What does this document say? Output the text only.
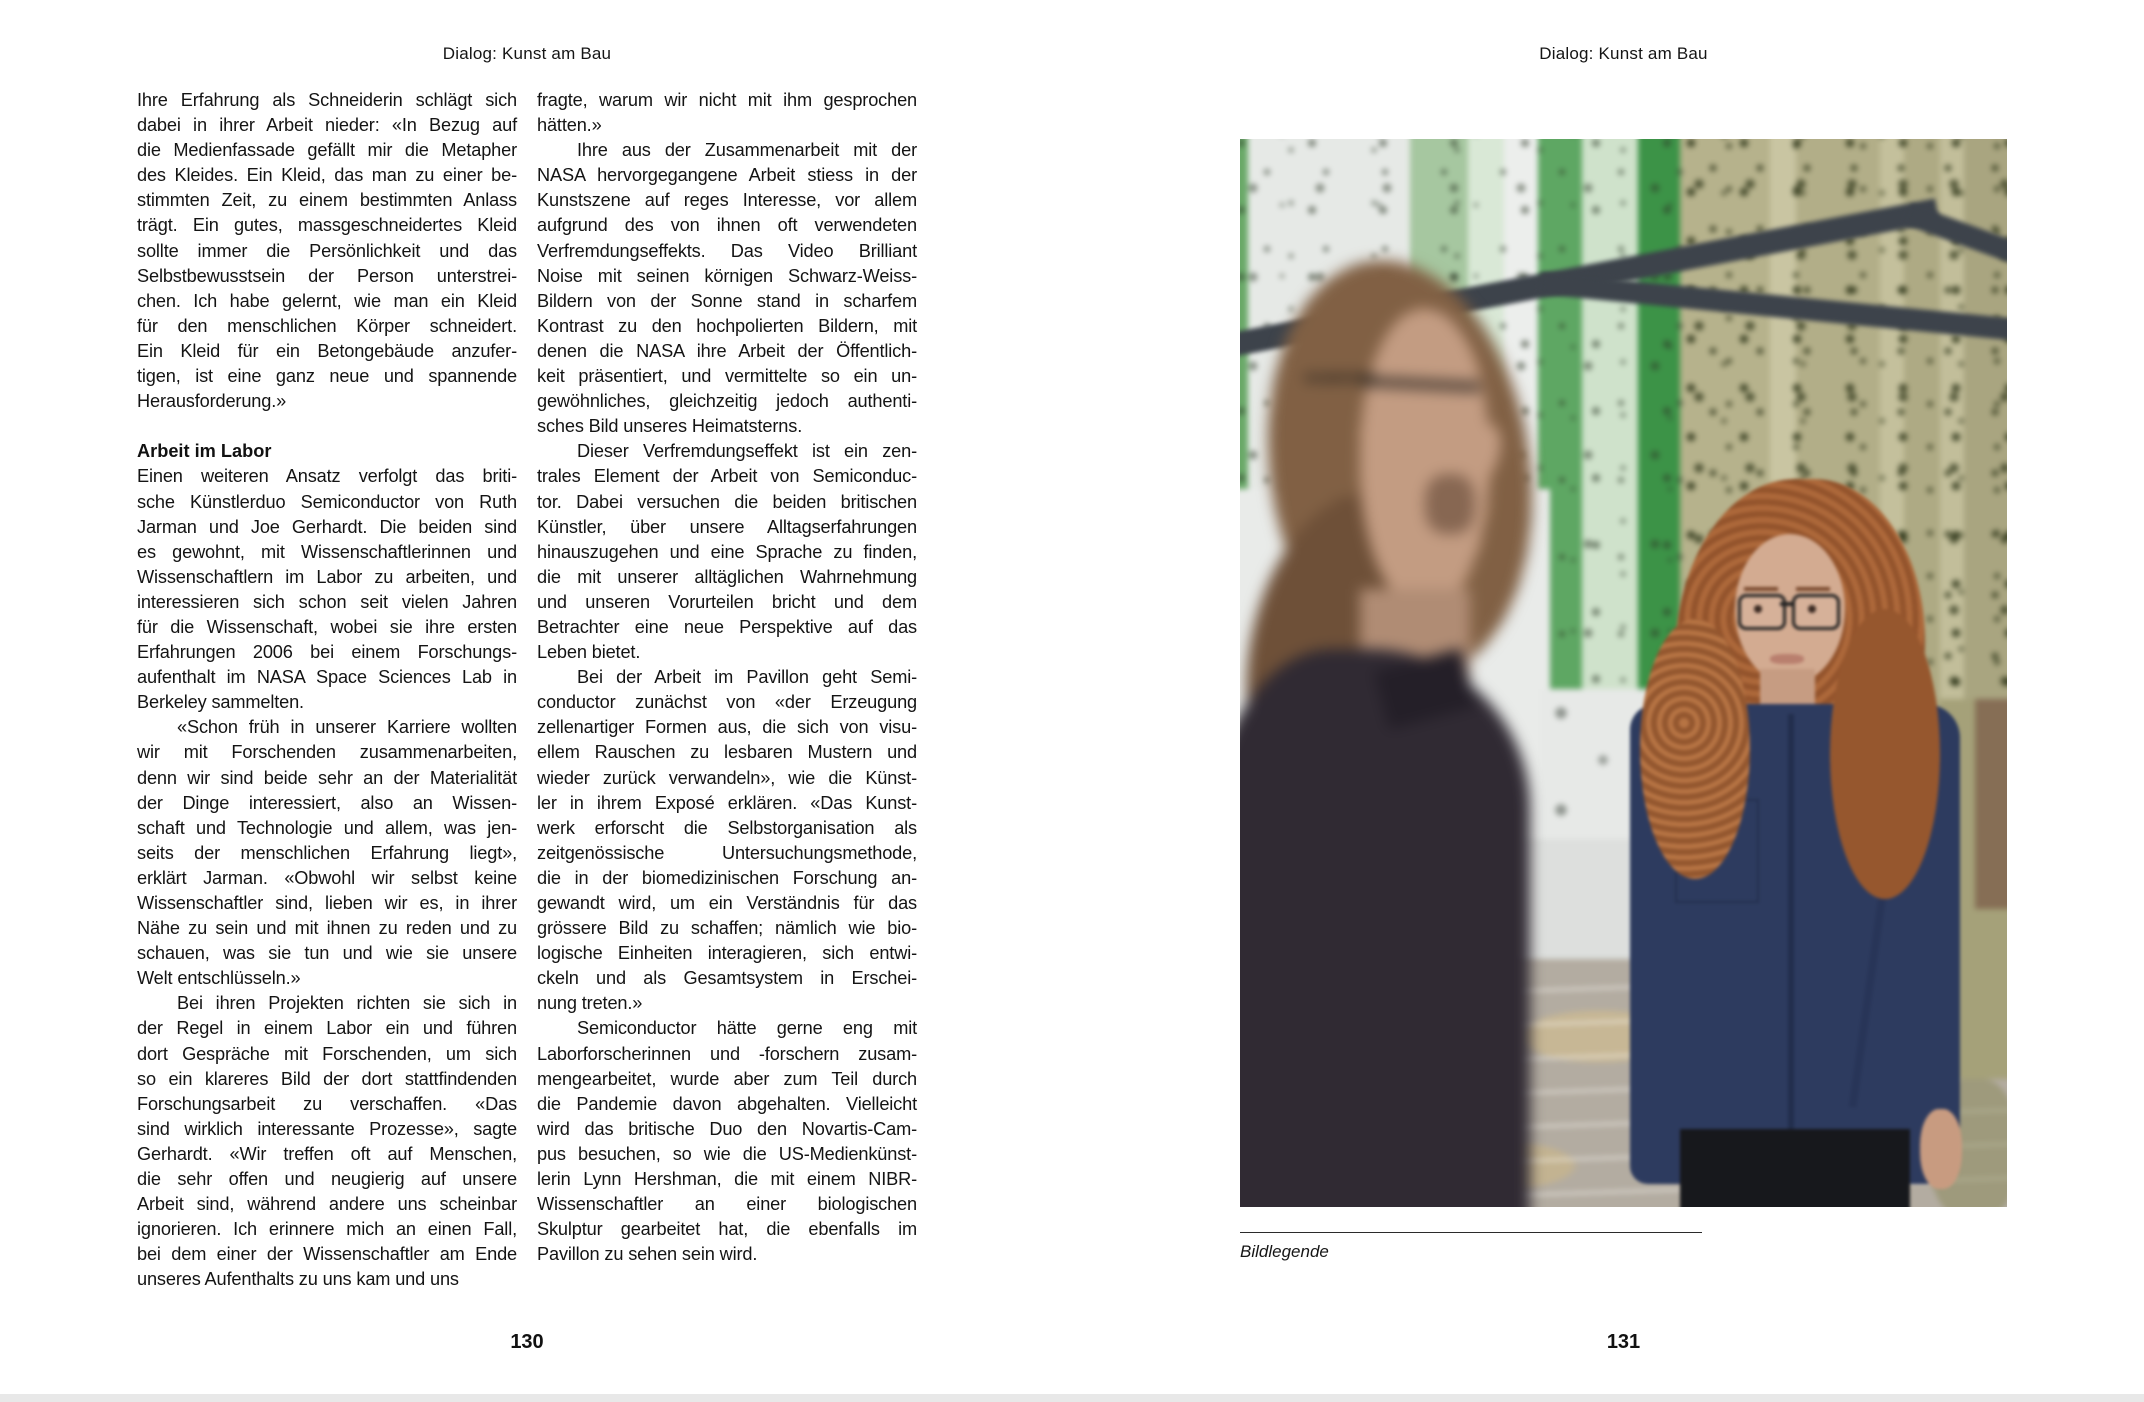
Dialog: Kunst am Bau	Dialog: Kunst am Bau
Ihre Erfahrung als Schneiderin schlägt sich
dabei in ihrer Arbeit nieder: «In Bezug auf
die Medienfassade gefällt mir die Metapher
des Kleides. Ein Kleid, das man zu einer be-
stimmten Zeit, zu einem bestimmten Anlass
trägt. Ein gutes, massgeschneidertes Kleid
sollte immer die Persönlichkeit und das
Selbstbewusstsein der Person unterstrei-
chen. Ich habe gelernt, wie man ein Kleid
für den menschlichen Körper schneidert.
Ein Kleid für ein Betongebäude anzufer-
tigen, ist eine ganz neue und spannende
Herausforderung.»
Arbeit im Labor
Einen weiteren Ansatz verfolgt das briti-
sche Künstlerduo Semiconductor von Ruth
Jarman und Joe Gerhardt. Die beiden sind
es gewohnt, mit Wissenschaftlerinnen und
Wissenschaftlern im Labor zu arbeiten, und
interessieren sich schon seit vielen Jahren
für die Wissenschaft, wobei sie ihre ersten
Erfahrungen 2006 bei einem Forschungs-
aufenthalt im NASA Space Sciences Lab in
Berkeley sammelten.
«Schon früh in unserer Karriere wollten
wir mit Forschenden zusammenarbeiten,
denn wir sind beide sehr an der Materialität
der Dinge interessiert, also an Wissen-
schaft und Technologie und allem, was jen-
seits der menschlichen Erfahrung liegt»,
erklärt Jarman. «Obwohl wir selbst keine
Wissenschaftler sind, lieben wir es, in ihrer
Nähe zu sein und mit ihnen zu reden und zu
schauen, was sie tun und wie sie unsere
Welt entschlüsseln.»
Bei ihren Projekten richten sie sich in
der Regel in einem Labor ein und führen
dort Gespräche mit Forschenden, um sich
so ein klareres Bild der dort stattfindenden
Forschungsarbeit zu verschaffen. «Das
sind wirklich interessante Prozesse», sagte
Gerhardt. «Wir treffen oft auf Menschen,
die sehr offen und neugierig auf unsere
Arbeit sind, während andere uns scheinbar
ignorieren. Ich erinnere mich an einen Fall,
bei dem einer der Wissenschaftler am Ende
unseres Aufenthalts zu uns kam und uns
fragte, warum wir nicht mit ihm gesprochen
hätten.»
Ihre aus der Zusammenarbeit mit der
NASA hervorgegangene Arbeit stiess in der
Kunstszene auf reges Interesse, vor allem
aufgrund des von ihnen oft verwendeten
Verfremdungseffekts. Das Video Brilliant
Noise mit seinen körnigen Schwarz-Weiss-
Bildern von der Sonne stand in scharfem
Kontrast zu den hochpolierten Bildern, mit
denen die NASA ihre Arbeit der Öffentlich-
keit präsentiert, und vermittelte so ein un-
gewöhnliches, gleichzeitig jedoch authenti-
sches Bild unseres Heimatsterns.
Dieser Verfremdungseffekt ist ein zen-
trales Element der Arbeit von Semiconduc-
tor. Dabei versuchen die beiden britischen
Künstler, über unsere Alltagserfahrungen
hinauszugehen und eine Sprache zu finden,
die mit unserer alltäglichen Wahrnehmung
und unseren Vorurteilen bricht und dem
Betrachter eine neue Perspektive auf das
Leben bietet.
Bei der Arbeit im Pavillon geht Semi-
conductor zunächst von «der Erzeugung
zellenartiger Formen aus, die sich von visu-
ellem Rauschen zu lesbaren Mustern und
wieder zurück verwandeln», wie die Künst-
ler in ihrem Exposé erklären. «Das Kunst-
werk erforscht die Selbstorganisation als
zeitgenössische Untersuchungsmethode,
die in der biomedizinischen Forschung an-
gewandt wird, um ein Verständnis für das
grössere Bild zu schaffen; nämlich wie bio-
logische Einheiten interagieren, sich entwi-
ckeln und als Gesamtsystem in Erschei-
nung treten.»
Semiconductor hätte gerne eng mit
Laborforscherinnen und -forschern zusam-
mengearbeitet, wurde aber zum Teil durch
die Pandemie davon abgehalten. Vielleicht
wird das britische Duo den Novartis-Cam-
pus besuchen, so wie die US-Medienkünst-
lerin Lynn Hershman, die mit einem NIBR-
Wissenschaftler an einer biologischen
Skulptur gearbeitet hat, die ebenfalls im
Pavillon zu sehen sein wird.	Bildlegende
130	131
